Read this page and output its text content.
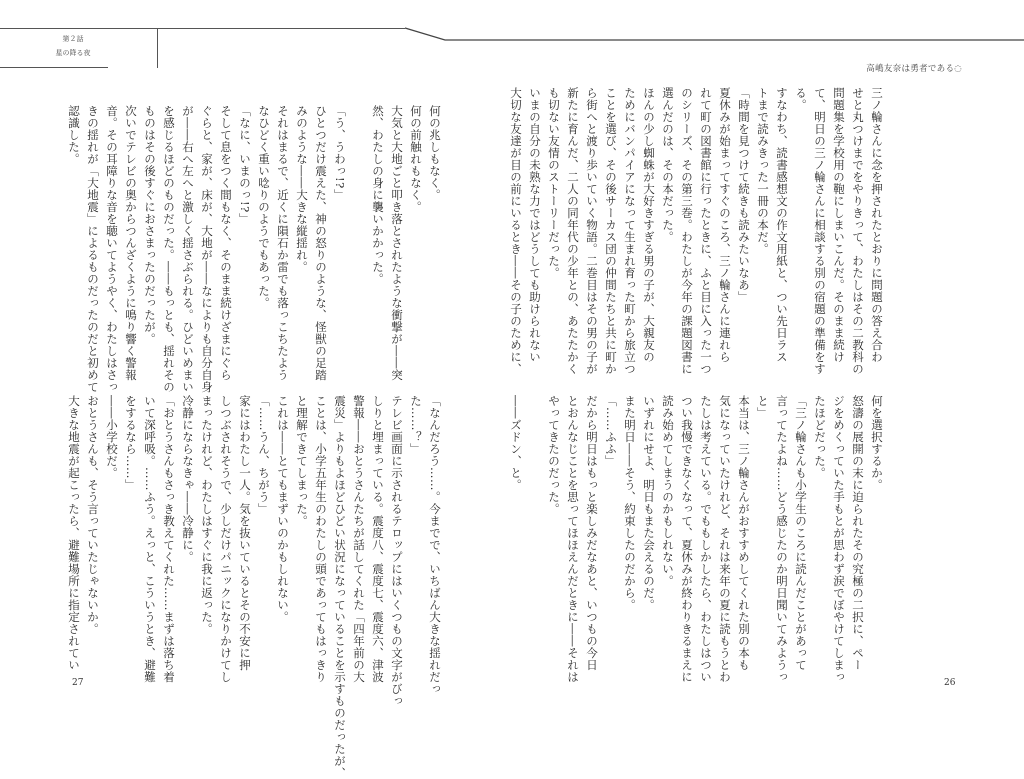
第２話
星の降る夜
高嶋友奈は勇者である◌

三ノ輪さんに念を押されたとおりに問題の答え合わ

せと丸つけまでをやりきって、わたしはその二教科の

問題集を学校用の鞄にしまいこんだ。そのまま続け

て、明日の三ノ輪さんに相談する別の宿題の準備をす

る。

すなわち、読書感想文の作文用紙と、つい先日ラス

トまで読みきった一冊の本だ。

「時間を見つけて続きも読みたいなあ」

夏休みが始まってすぐのころ、三ノ輪さんに連れら

れて町の図書館に行ったときに、ふと目に入った一つ

のシリーズ、その第三巻。わたしが今年の課題図書に

選んだのは、その本だった。

ほんの少し蜘蛛が大好きすぎる男の子が、大親友の

ためにバンパイアになって生まれ育った町から旅立つ

ことを選び、その後サーカス団の仲間たちと共に町か

ら街へと渡り歩いていく物語。二巻目はその男の子が

新たに育んだ、二人の同年代の少年との、あたたかく

も切ない友情のストーリーだった。

いまの自分の未熟な力ではどうしても助けられない

大切な友達が目の前にいるとき――その子のために、

何を選択するか。

怒濤の展開の末に迫られたその究極の二択に、ペー

ジをめくっていた手もとが思わず涙でぼやけてしまっ

たほどだった。

「三ノ輪さんも小学生のころに読んだことがあって

言ってたよね……どう感じたのか明日聞いてみようっ

と」

本当は、三ノ輪さんがおすすめしてくれた別の本も

気になっていたけれど、それは来年の夏に読もうとわ

たしは考えている。でももしかしたら、わたしはつい

つい我慢できなくなって、夏休みが終わりきるまえに

読み始めてしまうのかもしれない。

いずれにせよ、明日もまた会えるのだ。

また明日――そう、約束したのだから。

「……ふふ」

だから明日はもっと楽しみだなあと、いつもの今日

とおんなじことを思ってほほえんだときに――それは

やってきたのだった。

――ズドン、と。

26

何の兆しもなく。

何の前触れもなく。

大気と大地ごと叩き落とされたような衝撃が――突

然、わたしの身に襲いかかった。

「う、うわっ!?」

ひとつだけ震えた、神の怒りのような、怪獣の足踏

みのような――大きな縦揺れ。

それはまるで、近くに隕石か雷でも落っこちたよう

なひどく重い唸りのようでもあった。

「なに、いまのっ!?」

そして息をつく間もなく、そのまま続けざまにぐら

ぐらと、家が、床が、大地が――なによりも自分自身

が――右へ左へと激しく揺さぶられる。ひどいめまい

を感じるほどのものだった。――もっとも、揺れその

ものはその後すぐにおさまったのだったが。

次いでテレビの奥からつんざくように鳴り響く警報

音。その耳障りな音を聴いてようやく、わたしはさっ

きの揺れが「大地震」によるものだったのだと初めて

認識した。

「なんだろう……。今までで、いちばん大きな揺れだっ

た……？」

テレビ画面に示されるテロップにはいくつもの文字がびっ

しりと埋まっている。震度八、震度七、震度六、津波

警報――おとうさんたちが話してくれた「四年前の大

震災」よりもよほどひどい状況になっていることを示すものだったが、

ことは、小学五年生のわたしの頭であってもはっきり

と理解できてしまった。

これは――とてもまずいのかもしれない。

「……うん、ちがう」

家にはわたし一人。気を抜いているとその不安に押

しつぶされそうで、少しだけパニックになりかけてし

まったけれど、わたしはすぐに我に返った。

冷静にならなきゃ――冷静に。

「おとうさんもさっき教えてくれた……まずは落ち着

いて深呼吸。……ふう。えっと、こういうとき、避難

をするなら……」

――小学校だ。

おとうさんも、そう言っていたじゃないか。

大きな地震が起こったら、避難場所に指定されてい

27
